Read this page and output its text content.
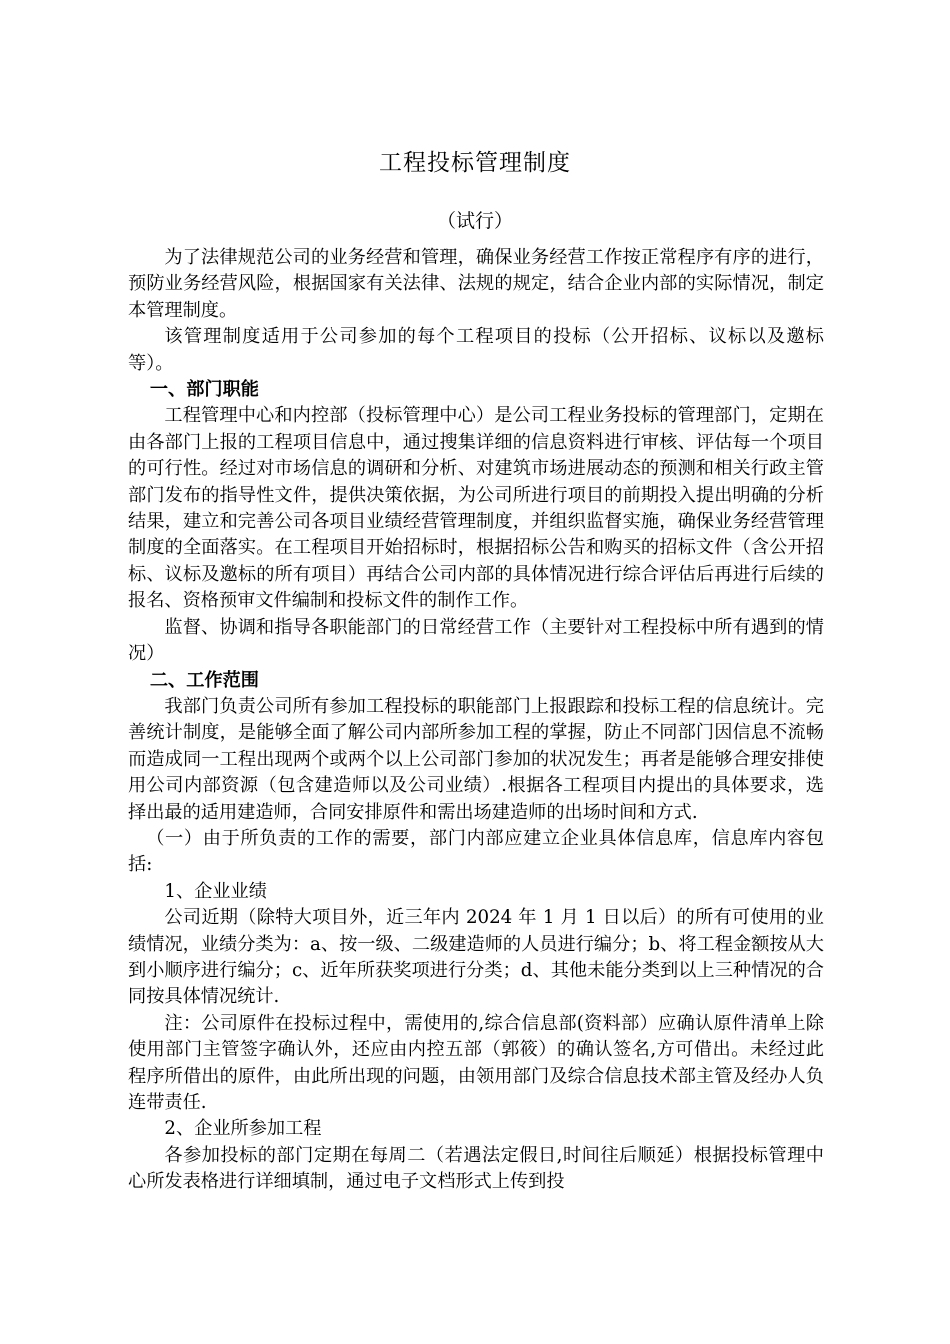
工程投标管理制度
（试行）

为了法律规范公司的业务经营和管理，确保业务经营工作按正常程序有序的进行，预防业务经营风险，根据国家有关法律、法规的规定，结合企业内部的实际情况，制定本管理制度。

该管理制度适用于公司参加的每个工程项目的投标（公开招标、议标以及邀标等）。

一、部门职能

工程管理中心和内控部（投标管理中心）是公司工程业务投标的管理部门，定期在由各部门上报的工程项目信息中，通过搜集详细的信息资料进行审核、评估每一个项目的可行性。经过对市场信息的调研和分析、对建筑市场进展动态的预测和相关行政主管部门发布的指导性文件，提供决策依据，为公司所进行项目的前期投入提出明确的分析结果，建立和完善公司各项目业绩经营管理制度，并组织监督实施，确保业务经营管理制度的全面落实。在工程项目开始招标时，根据招标公告和购买的招标文件（含公开招标、议标及邀标的所有项目）再结合公司内部的具体情况进行综合评估后再进行后续的报名、资格预审文件编制和投标文件的制作工作。

监督、协调和指导各职能部门的日常经营工作（主要针对工程投标中所有遇到的情况）

二、工作范围

我部门负责公司所有参加工程投标的职能部门上报跟踪和投标工程的信息统计。完善统计制度，是能够全面了解公司内部所参加工程的掌握，防止不同部门因信息不流畅而造成同一工程出现两个或两个以上公司部门参加的状况发生；再者是能够合理安排使用公司内部资源（包含建造师以及公司业绩）.根据各工程项目内提出的具体要求，选择出最的适用建造师，合同安排原件和需出场建造师的出场时间和方式.

（一）由于所负责的工作的需要，部门内部应建立企业具体信息库，信息库内容包括:

1、企业业绩

公司近期（除特大项目外，近三年内 2024 年 1 月 1 日以后）的所有可使用的业绩情况，业绩分类为：a、按一级、二级建造师的人员进行编分；b、将工程金额按从大到小顺序进行编分；c、近年所获奖项进行分类；d、其他未能分类到以上三种情况的合同按具体情况统计.

注：公司原件在投标过程中，需使用的,综合信息部(资料部）应确认原件清单上除使用部门主管签字确认外，还应由内控五部（郭筱）的确认签名,方可借出。未经过此程序所借出的原件，由此所出现的问题，由领用部门及综合信息技术部主管及经办人负连带责任.

2、企业所参加工程

各参加投标的部门定期在每周二（若遇法定假日,时间往后顺延）根据投标管理中心所发表格进行详细填制，通过电子文档形式上传到投
